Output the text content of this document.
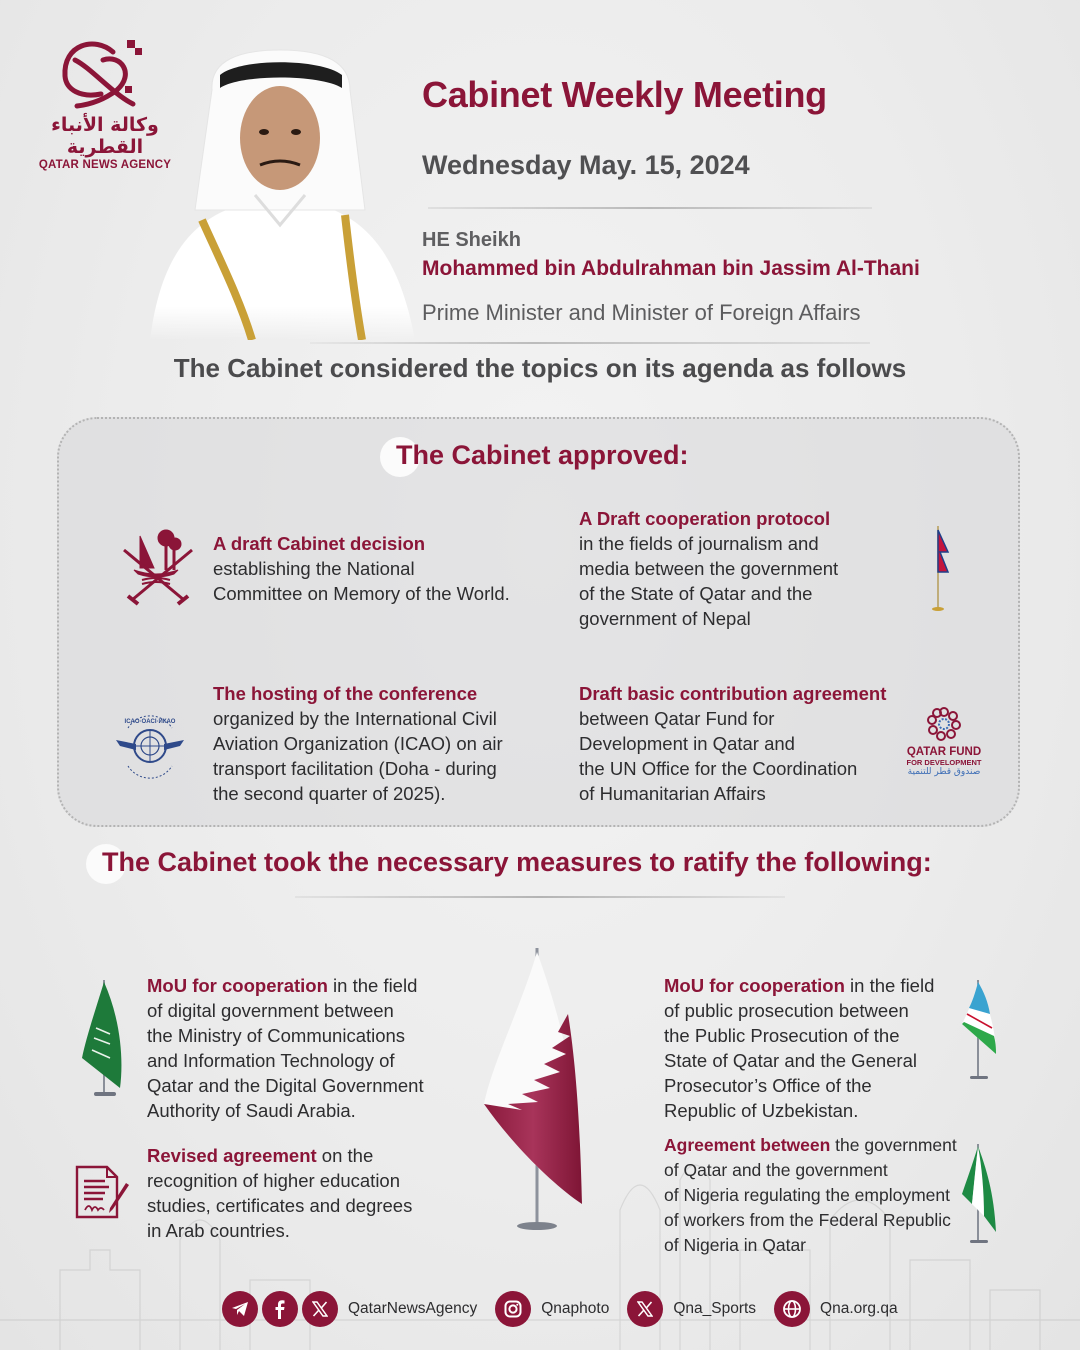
وكالة الأنباء القطرية
QATAR NEWS AGENCY
Cabinet Weekly Meeting
Wednesday May. 15, 2024
HE Sheikh
Mohammed bin Abdulrahman bin Jassim Al-Thani
Prime Minister and Minister of Foreign Affairs
The Cabinet considered the topics on its agenda as follows
The Cabinet approved:
A draft Cabinet decision
establishing the National
Committee on Memory of the World.
A Draft cooperation protocol
in the fields of journalism and
media between the government
of the State of Qatar and the
government of Nepal
ICAO·OACI·ИКАО
The hosting of the conference
organized by the International Civil
Aviation Organization (ICAO) on air
transport facilitation (Doha - during
the second quarter of 2025).
Draft basic contribution agreement
between Qatar Fund for
Development in Qatar and
the UN Office for the Coordination
of Humanitarian Affairs
QATAR FUND
FOR DEVELOPMENT
صندوق قطر للتنمية
The Cabinet took the necessary measures to ratify the following:
MoU for cooperation in the field
of digital government between
the Ministry of Communications
and Information Technology of
Qatar and the Digital Government
Authority of Saudi Arabia.
Revised agreement on the
recognition of higher education
studies, certificates and degrees
in Arab countries.
MoU for cooperation in the field
of public prosecution between
the Public Prosecution of the
State of Qatar and the General
Prosecutor’s Office of the
Republic of Uzbekistan.
Agreement between the government
of Qatar and the government
of Nigeria regulating the employment
of workers from the Federal Republic
of Nigeria in Qatar
QatarNewsAgency	Qnaphoto	Qna_Sports	Qna.org.qa
